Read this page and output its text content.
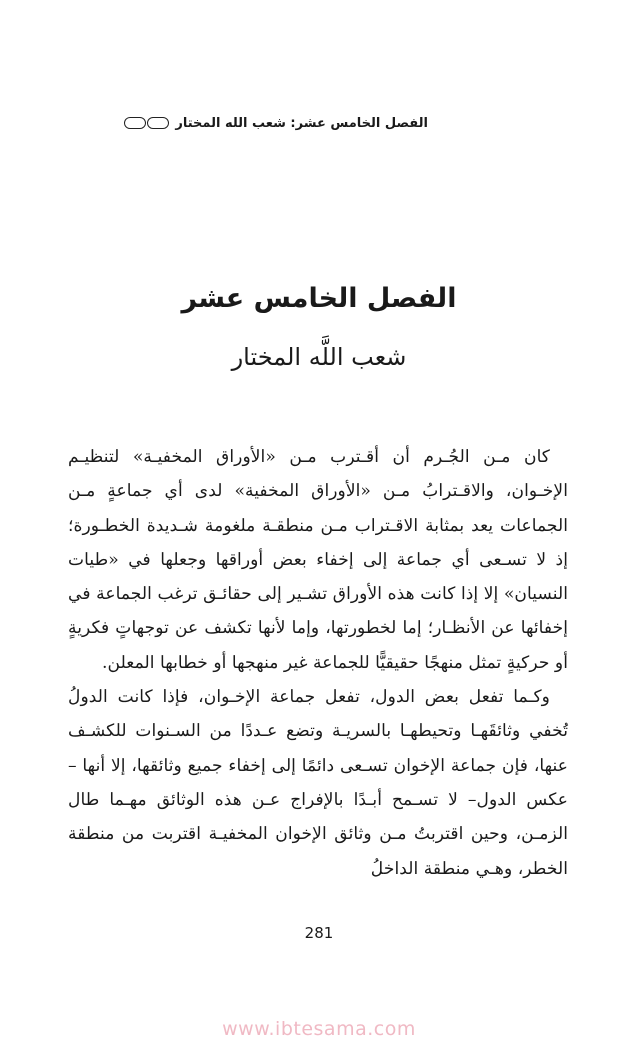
الفصل الخامس عشر: شعب الله المختار
الفصل الخامس عشر
شعب اللَّه المختار

كان مـن الجُـرم أن أقـترب مـن «الأوراق المخفيـة» لتنظيـم الإخـوان، والاقـترابُ مـن «الأوراق المخفية» لدى أي جماعةٍ مـن الجماعات يعد بمثابة الاقـتراب مـن منطقـة ملغومة شـديدة الخطـورة؛ إذ لا تسـعى أي جماعة إلى إخفاء بعض أوراقها وجعلها في «طيات النسيان» إلا إذا كانت هذه الأوراق تشـير إلى حقائـق ترغب الجماعة في إخفائها عن الأنظـار؛ إما لخطورتها، وإما لأنها تكشف عن توجهاتٍ فكريةٍ أو حركيةٍ تمثل منهجًا حقيقيًّا للجماعة غير منهجها أو خطابها المعلن.

وكـما تفعل بعض الدول، تفعل جماعة الإخـوان، فإذا كانت الدولُ تُخفي وثائقَهـا وتحيطهـا بالسريـة وتضع عـددًا من السـنوات للكشـف عنها، فإن جماعة الإخوان تسـعى دائمًا إلى إخفاء جميع وثائقها، إلا أنها – عكس الدول– لا تسـمح أبـدًا بالإفراج عـن هذه الوثائق مهـما طال الزمـن، وحين اقتربتُ مـن وثائق الإخوان المخفيـة اقتربت من منطقة الخطر، وهـي منطقة الداخلُ

281
www.ibtesama.com
